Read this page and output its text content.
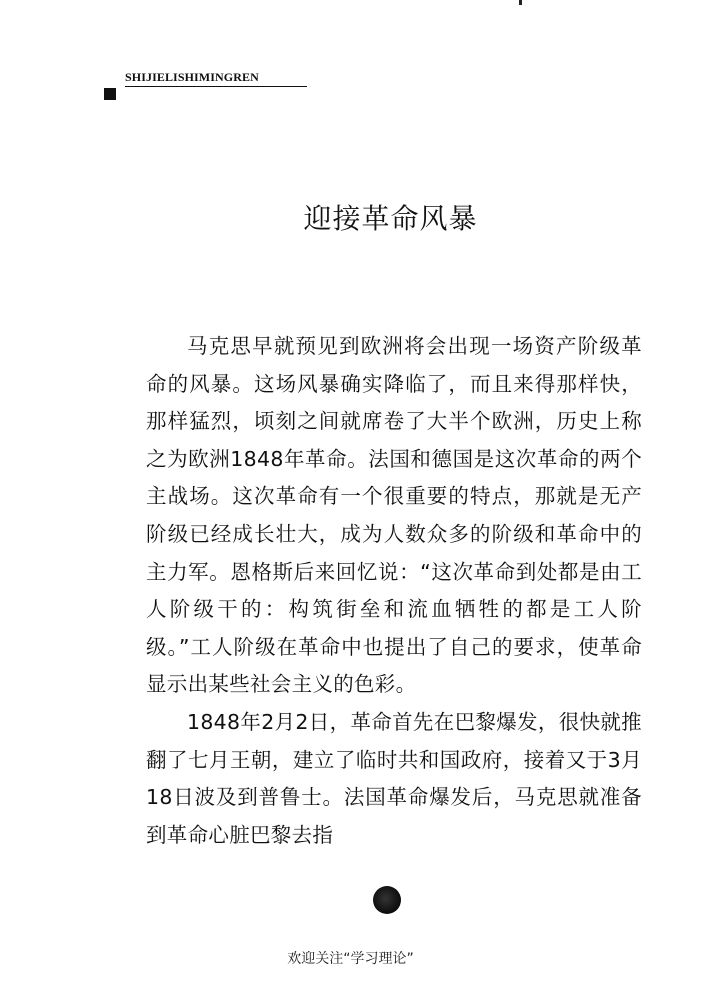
SHIJIELISHIMINGREN
迎接革命风暴

马克思早就预见到欧洲将会出现一场资产阶级革命的风暴。这场风暴确实降临了，而且来得那样快，那样猛烈，顷刻之间就席卷了大半个欧洲，历史上称之为欧洲1848年革命。法国和德国是这次革命的两个主战场。这次革命有一个很重要的特点，那就是无产阶级已经成长壮大，成为人数众多的阶级和革命中的主力军。恩格斯后来回忆说：“这次革命到处都是由工人阶级干的：构筑街垒和流血牺牲的都是工人阶级。”工人阶级在革命中也提出了自己的要求，使革命显示出某些社会主义的色彩。

1848年2月2日，革命首先在巴黎爆发，很快就推翻了七月王朝，建立了临时共和国政府，接着又于3月18日波及到普鲁士。法国革命爆发后，马克思就准备到革命心脏巴黎去指

欢迎关注“学习理论”
